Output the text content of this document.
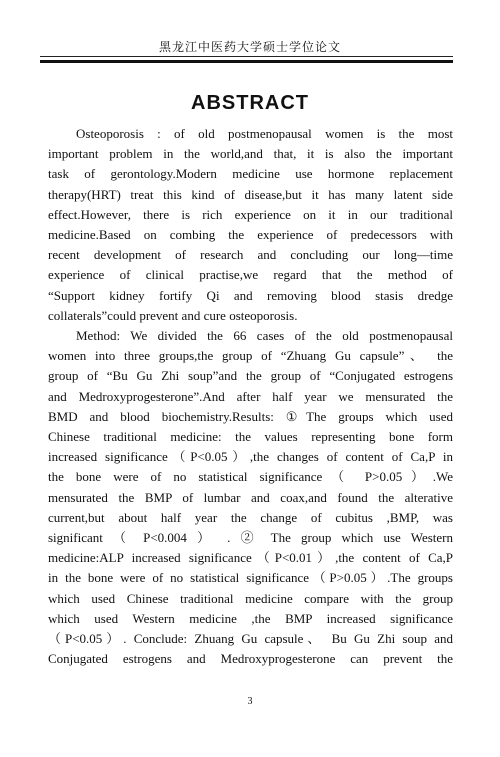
黑龙江中医药大学硕士学位论文
ABSTRACT
Osteoporosis : of old postmenopausal women is the most
important problem in the world,and that, it is also the important
task of gerontology.Modern medicine use hormone replacement
therapy(HRT) treat this kind of disease,but it has many latent side
effect.However, there is rich experience on it in our traditional
medicine.Based on combing the experience of predecessors with
recent development of research and concluding our long—time
experience of clinical practise,we regard that the method of
“Support kidney fortify Qi and removing blood stasis dredge
collaterals”could prevent and cure osteoporosis.
Method: We divided the 66 cases of the old postmenopausal
women into three groups,the group of “Zhuang Gu capsule”、 the
group of “Bu Gu Zhi soup”and the group of “Conjugated estrogens
and Medroxyprogesterone”.And after half year we mensurated the
BMD and blood biochemistry.Results: ①The groups which used
Chinese traditional medicine: the values representing bone form
increased significance（P<0.05）,the changes of content of Ca,P in
the bone were of no statistical significance（ P>0.05）.We
mensurated the BMP of lumbar and coax,and found the alterative
current,but about half year the change of cubitus ,BMP, was
significant （ P<0.004 ） . ② The group which use Western
medicine:ALP increased significance（P<0.01）,the content of Ca,P
in the bone were of no statistical significance（P>0.05）.The groups
which used Chinese traditional medicine compare with the group
which used Western medicine ,the BMP increased significance
（P<0.05）. Conclude: Zhuang Gu capsule、 Bu Gu Zhi soup and
Conjugated estrogens and Medroxyprogesterone can prevent the
3
